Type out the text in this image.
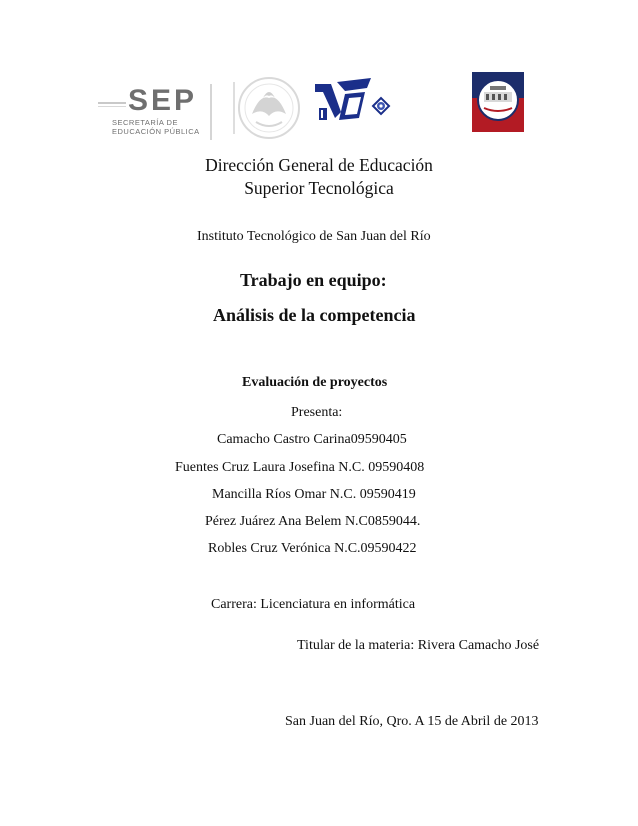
SEP
SECRETARÍA DE
EDUCACIÓN PÚBLICA
Dirección General de Educación
Superior Tecnológica
Instituto Tecnológico de San Juan del Río
Trabajo en equipo:
Análisis de la competencia
Evaluación de proyectos
Presenta:
Camacho Castro Carina09590405
Fuentes Cruz Laura Josefina N.C. 09590408
Mancilla Ríos Omar N.C. 09590419
Pérez Juárez Ana Belem N.C0859044.
Robles Cruz Verónica N.C.09590422
Carrera: Licenciatura en informática
Titular de la materia: Rivera Camacho José
San Juan del Río, Qro. A 15 de Abril de 2013
